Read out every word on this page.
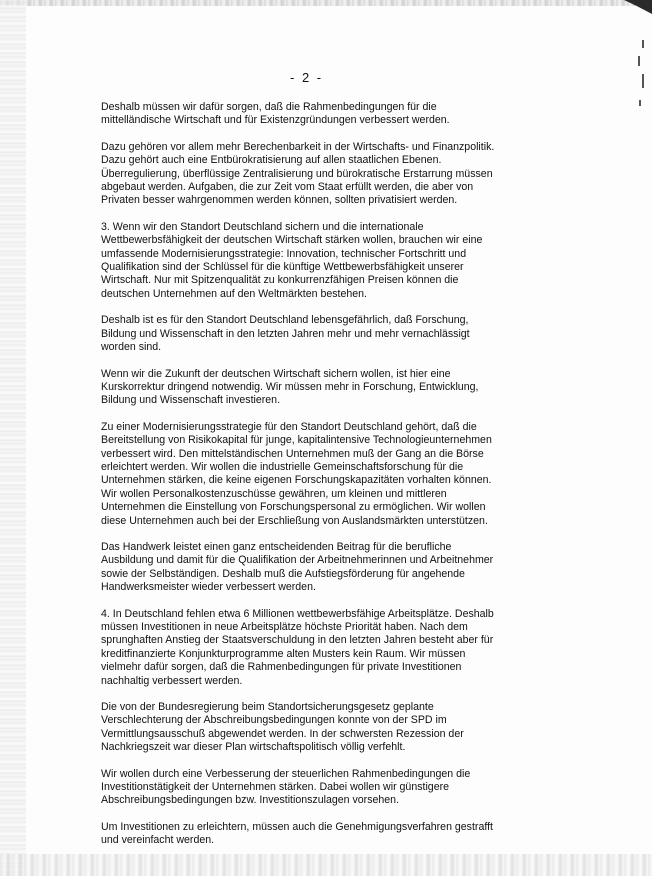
- 2 -

Deshalb müssen wir dafür sorgen, daß die Rahmenbedingungen für die
mittelländische Wirtschaft und für Existenzgründungen verbessert werden.

Dazu gehören vor allem mehr Berechenbarkeit in der Wirtschafts- und Finanzpolitik.
Dazu gehört auch eine Entbürokratisierung auf allen staatlichen Ebenen.
Überregulierung, überflüssige Zentralisierung und bürokratische Erstarrung müssen
abgebaut werden. Aufgaben, die zur Zeit vom Staat erfüllt werden, die aber von
Privaten besser wahrgenommen werden können, sollten privatisiert werden.

3. Wenn wir den Standort Deutschland sichern und die internationale
Wettbewerbsfähigkeit der deutschen Wirtschaft stärken wollen, brauchen wir eine
umfassende Modernisierungsstrategie: Innovation, technischer Fortschritt und
Qualifikation sind der Schlüssel für die künftige Wettbewerbsfähigkeit unserer
Wirtschaft. Nur mit Spitzenqualität zu konkurrenzfähigen Preisen können die
deutschen Unternehmen auf den Weltmärkten bestehen.

Deshalb ist es für den Standort Deutschland lebensgefährlich, daß Forschung,
Bildung und Wissenschaft in den letzten Jahren mehr und mehr vernachlässigt
worden sind.

Wenn wir die Zukunft der deutschen Wirtschaft sichern wollen, ist hier eine
Kurskorrektur dringend notwendig. Wir müssen mehr in Forschung, Entwicklung,
Bildung und Wissenschaft investieren.

Zu einer Modernisierungsstrategie für den Standort Deutschland gehört, daß die
Bereitstellung von Risikokapital für junge, kapitalintensive Technologieunternehmen
verbessert wird. Den mittelständischen Unternehmen muß der Gang an die Börse
erleichtert werden. Wir wollen die industrielle Gemeinschaftsforschung für die
Unternehmen stärken, die keine eigenen Forschungskapazitäten vorhalten können.
Wir wollen Personalkostenzuschüsse gewähren, um kleinen und mittleren
Unternehmen die Einstellung von Forschungspersonal zu ermöglichen. Wir wollen
diese Unternehmen auch bei der Erschließung von Auslandsmärkten unterstützen.

Das Handwerk leistet einen ganz entscheidenden Beitrag für die berufliche
Ausbildung und damit für die Qualifikation der Arbeitnehmerinnen und Arbeitnehmer
sowie der Selbständigen. Deshalb muß die Aufstiegsförderung für angehende
Handwerksmeister wieder verbessert werden.

4. In Deutschland fehlen etwa 6 Millionen wettbewerbsfähige Arbeitsplätze. Deshalb
müssen Investitionen in neue Arbeitsplätze höchste Priorität haben. Nach dem
sprunghaften Anstieg der Staatsverschuldung in den letzten Jahren besteht aber für
kreditfinanzierte Konjunkturprogramme alten Musters kein Raum. Wir müssen
vielmehr dafür sorgen, daß die Rahmenbedingungen für private Investitionen
nachhaltig verbessert werden.

Die von der Bundesregierung beim Standortsicherungsgesetz geplante
Verschlechterung der Abschreibungsbedingungen konnte von der SPD im
Vermittlungsausschuß abgewendet werden. In der schwersten Rezession der
Nachkriegszeit war dieser Plan wirtschaftspolitisch völlig verfehlt.

Wir wollen durch eine Verbesserung der steuerlichen Rahmenbedingungen die
Investitionstätigkeit der Unternehmen stärken. Dabei wollen wir günstigere
Abschreibungsbedingungen bzw. Investitionszulagen vorsehen.

Um Investitionen zu erleichtern, müssen auch die Genehmigungsverfahren gestrafft
und vereinfacht werden.
